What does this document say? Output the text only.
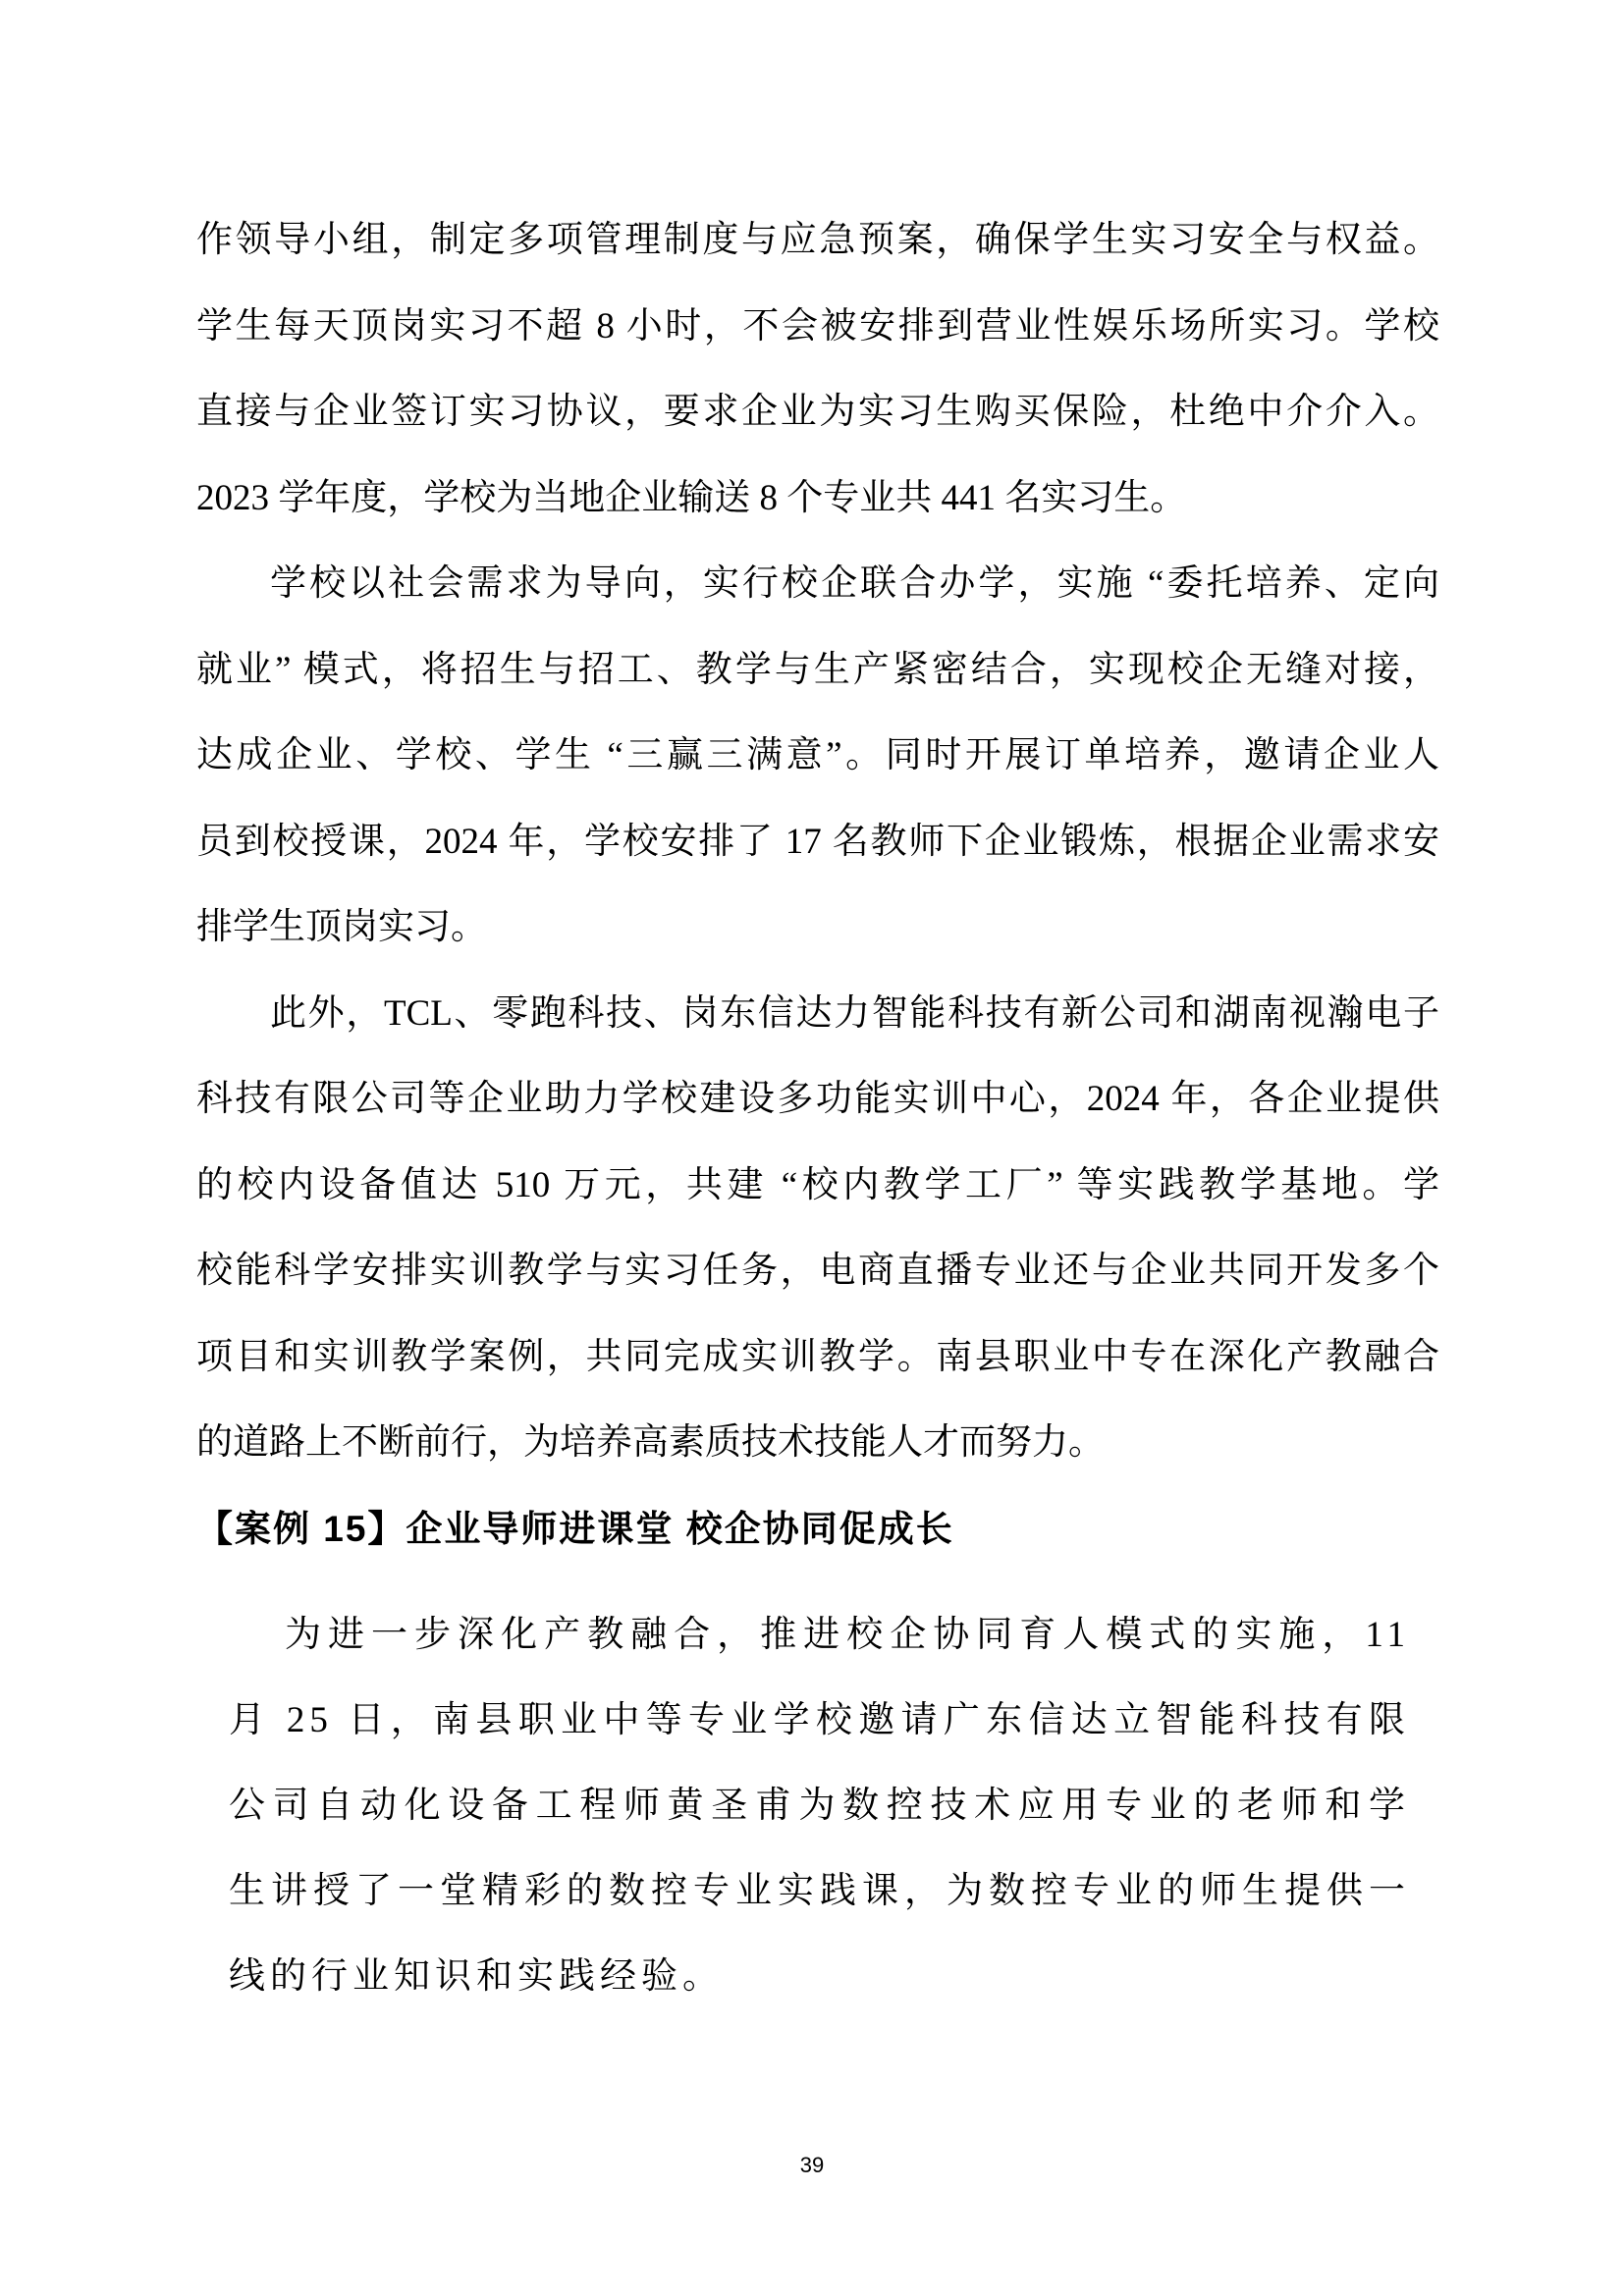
作领导小组，制定多项管理制度与应急预案，确保学生实习安全与权益。
学生每天顶岗实习不超 8 小时，不会被安排到营业性娱乐场所实习。学校
直接与企业签订实习协议，要求企业为实习生购买保险，杜绝中介介入。
2023 学年度，学校为当地企业输送 8 个专业共 441 名实习生。
学校以社会需求为导向，实行校企联合办学，实施 “委托培养、定向
就业” 模式，将招生与招工、教学与生产紧密结合，实现校企无缝对接，
达成企业、学校、学生 “三赢三满意”。同时开展订单培养，邀请企业人
员到校授课，2024 年，学校安排了 17 名教师下企业锻炼，根据企业需求安
排学生顶岗实习。
此外，TCL、零跑科技、岗东信达力智能科技有新公司和湖南视瀚电子
科技有限公司等企业助力学校建设多功能实训中心，2024 年，各企业提供
的校内设备值达 510 万元，共建 “校内教学工厂” 等实践教学基地。学
校能科学安排实训教学与实习任务，电商直播专业还与企业共同开发多个
项目和实训教学案例，共同完成实训教学。南县职业中专在深化产教融合
的道路上不断前行，为培养高素质技术技能人才而努力。
【案例 15】企业导师进课堂 校企协同促成长
为进一步深化产教融合，推进校企协同育人模式的实施，11
月 25 日，南县职业中等专业学校邀请广东信达立智能科技有限
公司自动化设备工程师黄圣甫为数控技术应用专业的老师和学
生讲授了一堂精彩的数控专业实践课，为数控专业的师生提供一
线的行业知识和实践经验。
39
